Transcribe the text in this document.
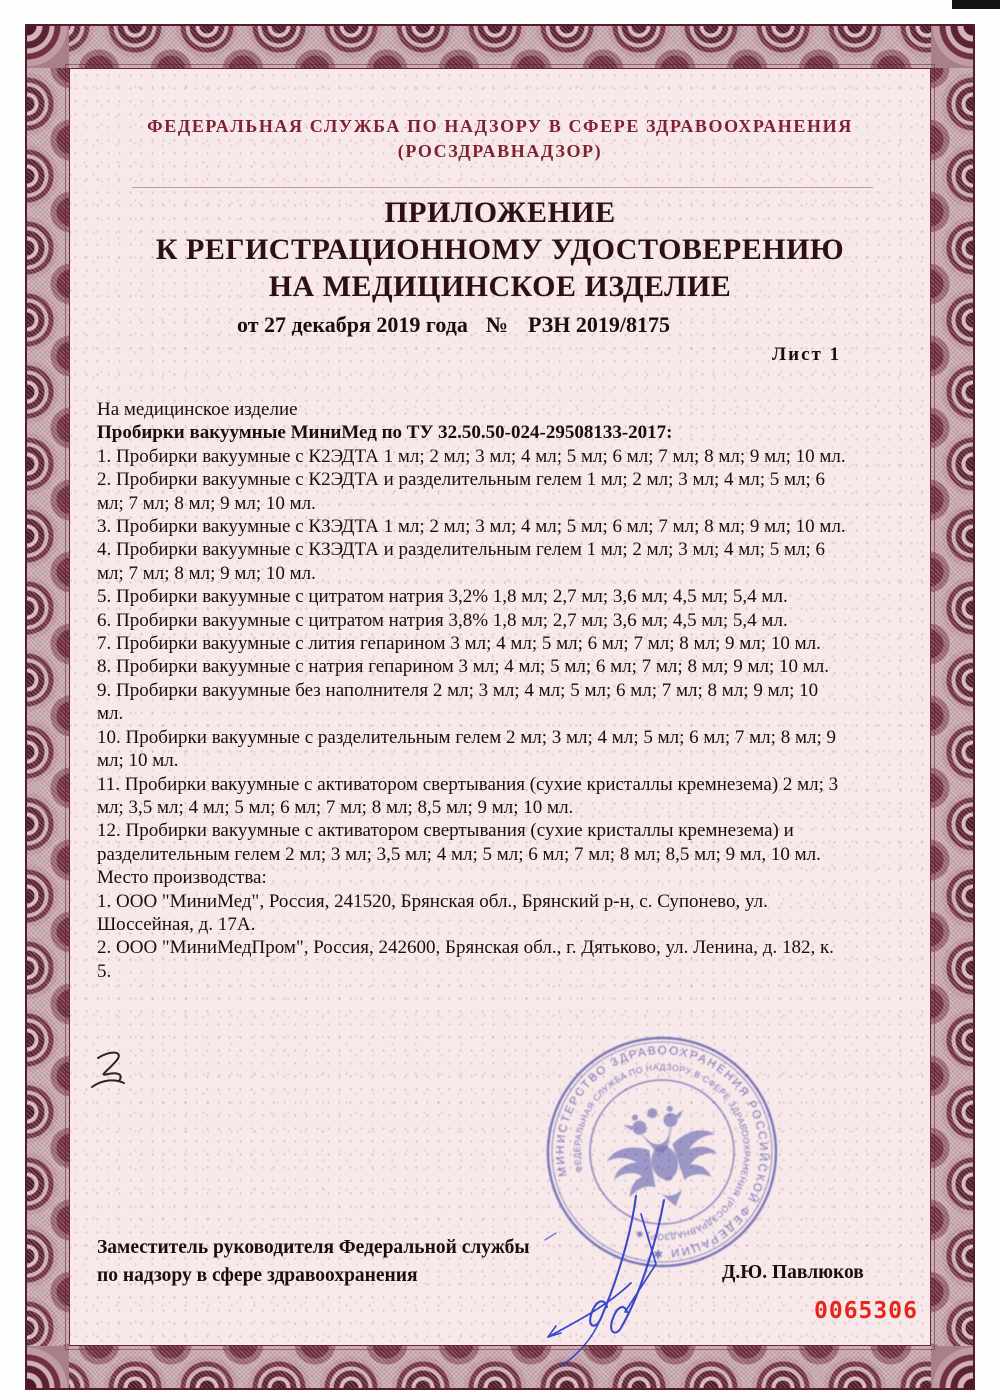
ФЕДЕРАЛЬНАЯ СЛУЖБА ПО НАДЗОРУ В СФЕРЕ ЗДРАВООХРАНЕНИЯ
(РОСЗДРАВНАДЗОР)
ПРИЛОЖЕНИЕ
К РЕГИСТРАЦИОННОМУ УДОСТОВЕРЕНИЮ
НА МЕДИЦИНСКОЕ ИЗДЕЛИЕ
от 27 декабря 2019 года № РЗН 2019/8175
Лист 1

На медицинское изделие

Пробирки вакуумные МиниМед по ТУ 32.50.50-024-29508133-2017:

1. Пробирки вакуумные с К2ЭДТА 1 мл; 2 мл; 3 мл; 4 мл; 5 мл; 6 мл; 7 мл; 8 мл; 9 мл; 10 мл.

2. Пробирки вакуумные с К2ЭДТА и разделительным гелем 1 мл; 2 мл; 3 мл; 4 мл; 5 мл; 6 мл; 7 мл; 8 мл; 9 мл; 10 мл.

3. Пробирки вакуумные с КЗЭДТА 1 мл; 2 мл; 3 мл; 4 мл; 5 мл; 6 мл; 7 мл; 8 мл; 9 мл; 10 мл.

4. Пробирки вакуумные с КЗЭДТА и разделительным гелем 1 мл; 2 мл; 3 мл; 4 мл; 5 мл; 6 мл; 7 мл; 8 мл; 9 мл; 10 мл.

5. Пробирки вакуумные с цитратом натрия 3,2% 1,8 мл; 2,7 мл; 3,6 мл; 4,5 мл; 5,4 мл.

6. Пробирки вакуумные с цитратом натрия 3,8% 1,8 мл; 2,7 мл; 3,6 мл; 4,5 мл; 5,4 мл.

7. Пробирки вакуумные с лития гепарином 3 мл; 4 мл; 5 мл; 6 мл; 7 мл; 8 мл; 9 мл; 10 мл.

8. Пробирки вакуумные с натрия гепарином 3 мл; 4 мл; 5 мл; 6 мл; 7 мл; 8 мл; 9 мл; 10 мл.

9. Пробирки вакуумные без наполнителя 2 мл; 3 мл; 4 мл; 5 мл; 6 мл; 7 мл; 8 мл; 9 мл; 10 мл.

10. Пробирки вакуумные с разделительным гелем 2 мл; 3 мл; 4 мл; 5 мл; 6 мл; 7 мл; 8 мл; 9 мл; 10 мл.

11. Пробирки вакуумные с активатором свертывания (сухие кристаллы кремнезема) 2 мл; 3 мл; 3,5 мл; 4 мл; 5 мл; 6 мл; 7 мл; 8 мл; 8,5 мл; 9 мл; 10 мл.

12. Пробирки вакуумные с активатором свертывания (сухие кристаллы кремнезема) и разделительным гелем 2 мл; 3 мл; 3,5 мл; 4 мл; 5 мл; 6 мл; 7 мл; 8 мл; 8,5 мл; 9 мл, 10 мл.

Место производства:

1. ООО "МиниМед", Россия, 241520, Брянская обл., Брянский р-н, с. Супонево, ул. Шоссейная, д. 17А.

2. ООО "МиниМедПром", Россия, 242600, Брянская обл., г. Дятьково, ул. Ленина, д. 182, к. 5.

МИНИСТЕРСТВО ЗДРАВООХРАНЕНИЯ РОССИЙСКОЙ ФЕДЕРАЦИИ ✱
ФЕДЕРАЛЬНАЯ СЛУЖБА ПО НАДЗОРУ В СФЕРЕ ЗДРАВООХРАНЕНИЯ (РОСЗДРАВНАДЗОР) ✱
Заместитель руководителя Федеральной службы
по надзору в сфере здравоохранения	Д.Ю. Павлюков
0065306
